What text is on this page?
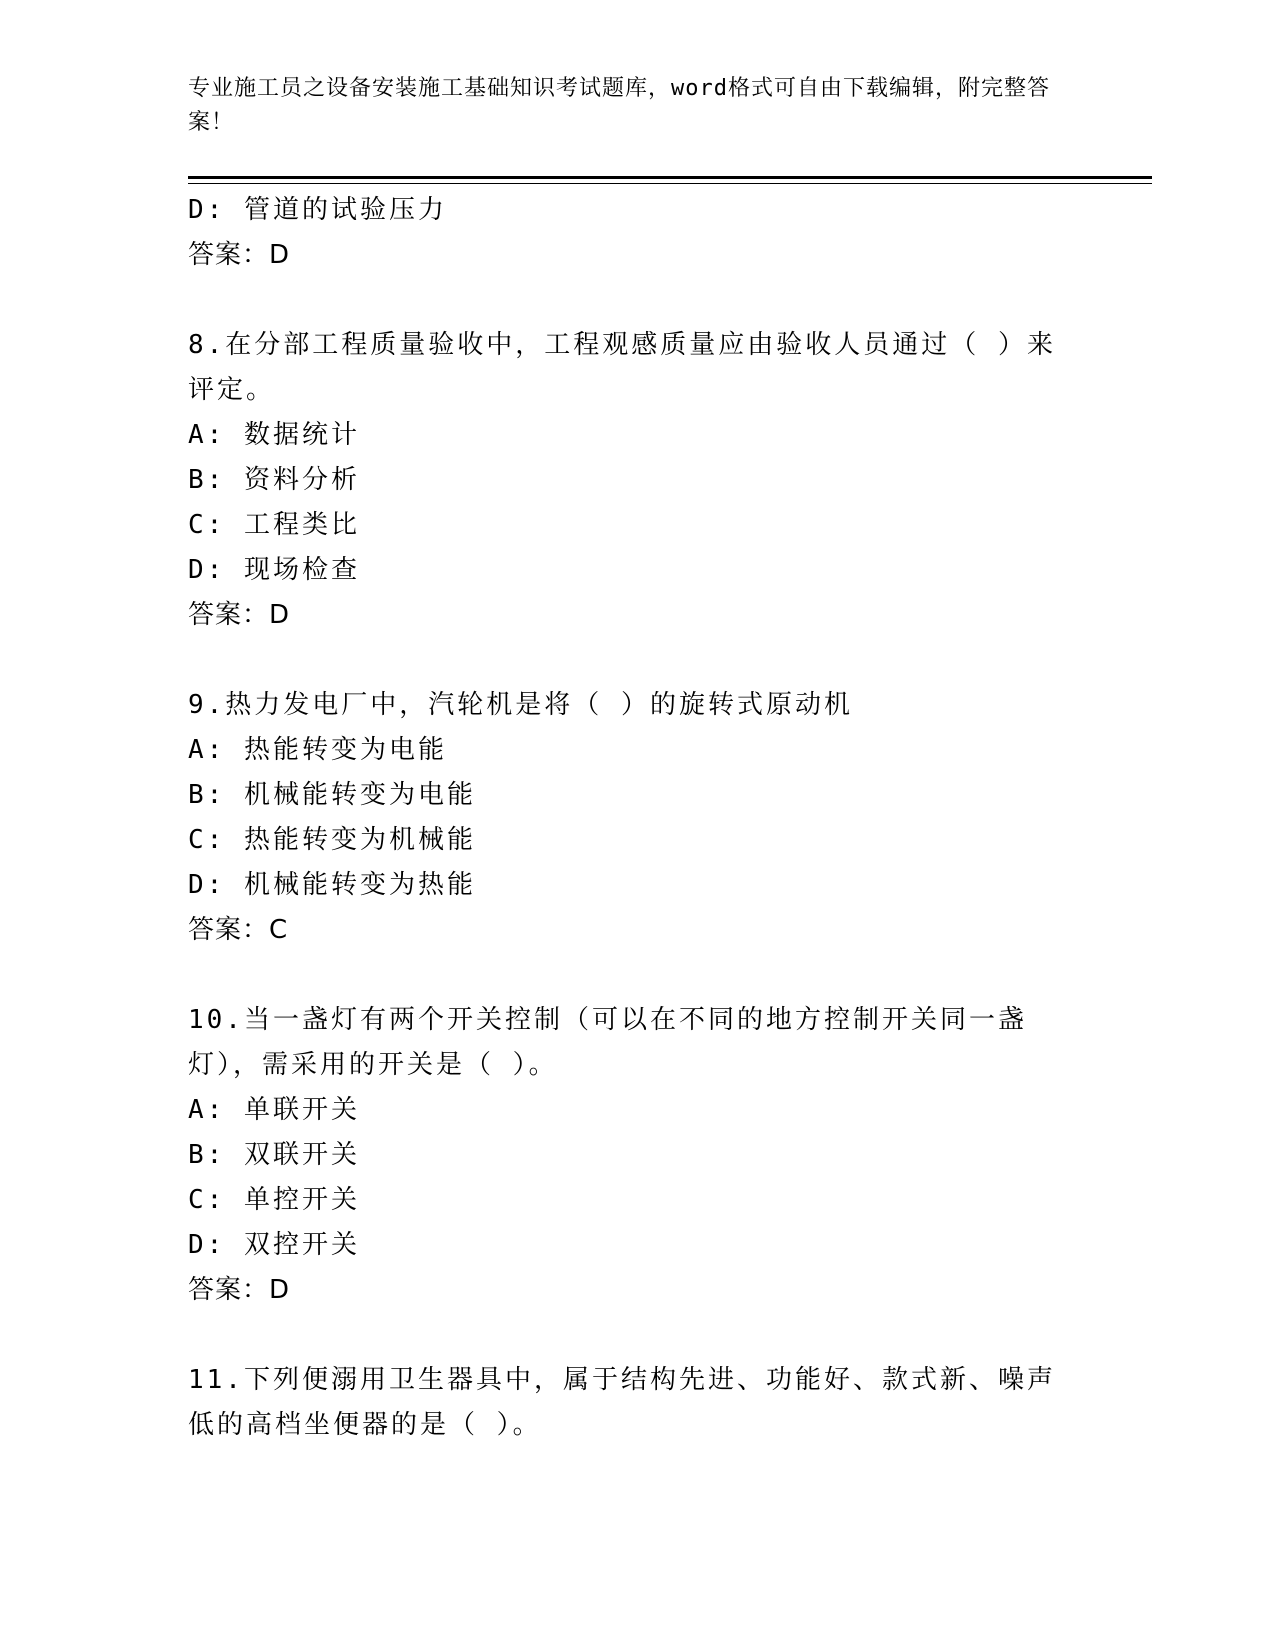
专业施工员之设备安装施工基础知识考试题库，word格式可自由下载编辑，附完整答案！
D: 管道的试验压力
答案：D
8.在分部工程质量验收中，工程观感质量应由验收人员通过（ ）来评定。
A: 数据统计
B: 资料分析
C: 工程类比
D: 现场检查
答案：D
9.热力发电厂中，汽轮机是将（ ）的旋转式原动机
A: 热能转变为电能
B: 机械能转变为电能
C: 热能转变为机械能
D: 机械能转变为热能
答案：C
10.当一盏灯有两个开关控制（可以在不同的地方控制开关同一盏灯），需采用的开关是（ ）。
A: 单联开关
B: 双联开关
C: 单控开关
D: 双控开关
答案：D
11.下列便溺用卫生器具中，属于结构先进、功能好、款式新、噪声低的高档坐便器的是（ ）。
